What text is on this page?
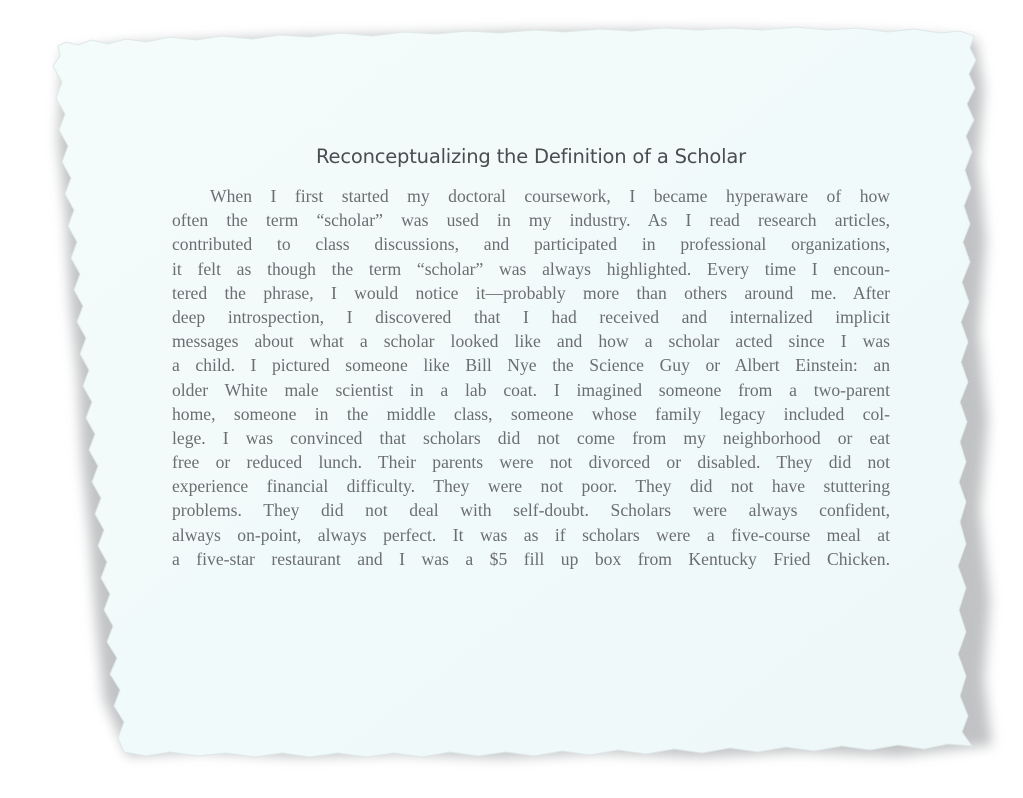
Reconceptualizing the Definition of a Scholar

When I first started my doctoral coursework, I became hyperaware of how
often the term “scholar” was used in my industry. As I read research articles,
contributed to class discussions, and participated in professional organizations,
it felt as though the term “scholar” was always highlighted. Every time I encoun-
tered the phrase, I would notice it—probably more than others around me. After
deep introspection, I discovered that I had received and internalized implicit
messages about what a scholar looked like and how a scholar acted since I was
a child. I pictured someone like Bill Nye the Science Guy or Albert Einstein: an
older White male scientist in a lab coat. I imagined someone from a two-parent
home, someone in the middle class, someone whose family legacy included col-
lege. I was convinced that scholars did not come from my neighborhood or eat
free or reduced lunch. Their parents were not divorced or disabled. They did not
experience financial difficulty. They were not poor. They did not have stuttering
problems. They did not deal with self-doubt. Scholars were always confident,
always on-point, always perfect. It was as if scholars were a five-course meal at
a five-star restaurant and I was a $5 fill up box from Kentucky Fried Chicken.
